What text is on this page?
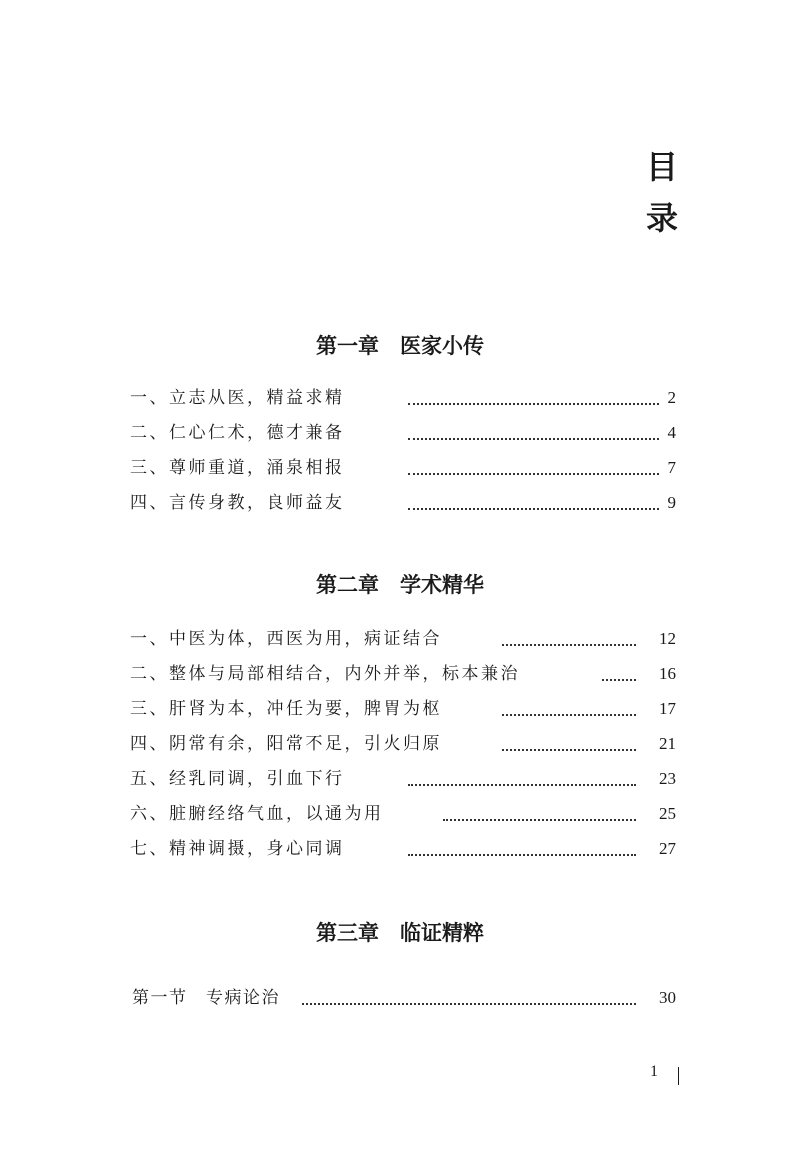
目
录
第一章　医家小传
一、立志从医，精益求精	2
二、仁心仁术，德才兼备	4
三、尊师重道，涌泉相报	7
四、言传身教，良师益友	9
第二章　学术精华
一、中医为体，西医为用，病证结合	12
二、整体与局部相结合，内外并举，标本兼治	16
三、肝肾为本，冲任为要，脾胃为枢	17
四、阴常有余，阳常不足，引火归原	21
五、经乳同调，引血下行	23
六、脏腑经络气血，以通为用	25
七、精神调摄，身心同调	27
第三章　临证精粹
第一节　专病论治	30
1
